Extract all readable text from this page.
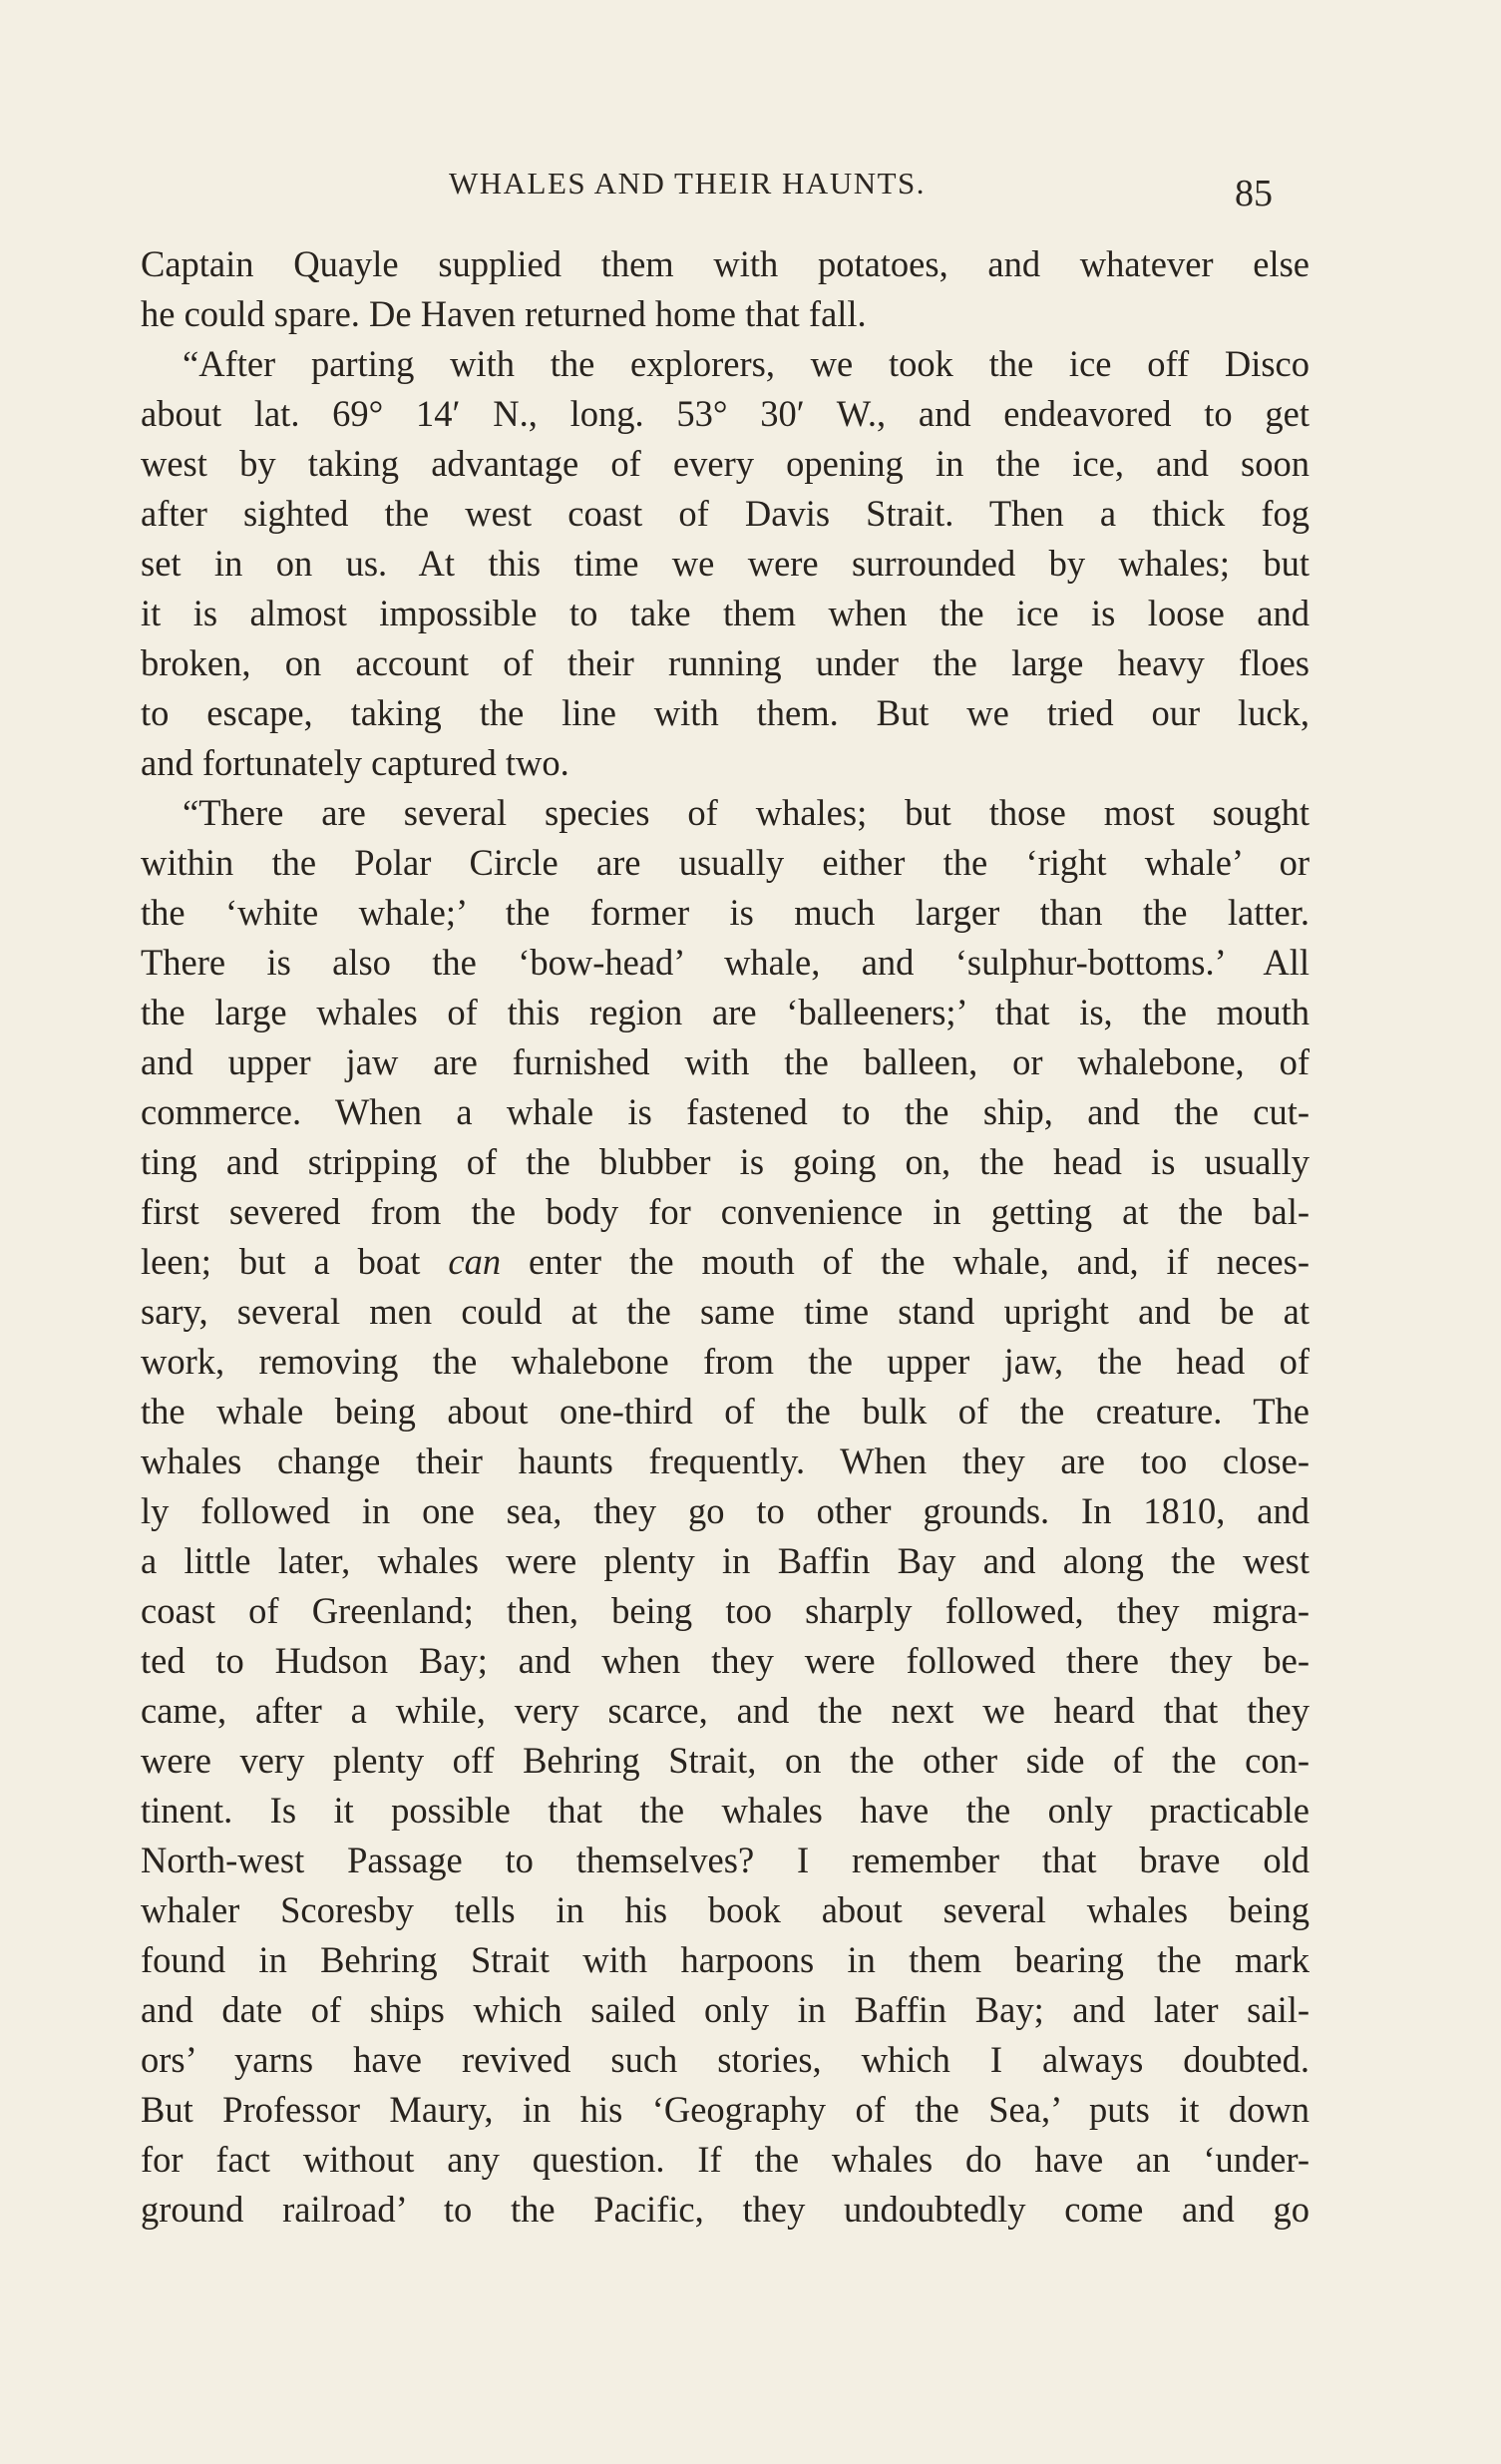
WHALES AND THEIR HAUNTS.	85
Captain Quayle supplied them with potatoes, and whatever else
he could spare. De Haven returned home that fall.
“After parting with the explorers, we took the ice off Disco
about lat. 69° 14′ N., long. 53° 30′ W., and endeavored to get
west by taking advantage of every opening in the ice, and soon
after sighted the west coast of Davis Strait. Then a thick fog
set in on us. At this time we were surrounded by whales; but
it is almost impossible to take them when the ice is loose and
broken, on account of their running under the large heavy floes
to escape, taking the line with them. But we tried our luck,
and fortunately captured two.
“There are several species of whales; but those most sought
within the Polar Circle are usually either the ‘right whale’ or
the ‘white whale;’ the former is much larger than the latter.
There is also the ‘bow-head’ whale, and ‘sulphur-bottoms.’ All
the large whales of this region are ‘balleeners;’ that is, the mouth
and upper jaw are furnished with the balleen, or whalebone, of
commerce. When a whale is fastened to the ship, and the cut-
ting and stripping of the blubber is going on, the head is usually
first severed from the body for convenience in getting at the bal-
leen; but a boat can enter the mouth of the whale, and, if neces-
sary, several men could at the same time stand upright and be at
work, removing the whalebone from the upper jaw, the head of
the whale being about one-third of the bulk of the creature. The
whales change their haunts frequently. When they are too close-
ly followed in one sea, they go to other grounds. In 1810, and
a little later, whales were plenty in Baffin Bay and along the west
coast of Greenland; then, being too sharply followed, they migra-
ted to Hudson Bay; and when they were followed there they be-
came, after a while, very scarce, and the next we heard that they
were very plenty off Behring Strait, on the other side of the con-
tinent. Is it possible that the whales have the only practicable
North-west Passage to themselves? I remember that brave old
whaler Scoresby tells in his book about several whales being
found in Behring Strait with harpoons in them bearing the mark
and date of ships which sailed only in Baffin Bay; and later sail-
ors’ yarns have revived such stories, which I always doubted.
But Professor Maury, in his ‘Geography of the Sea,’ puts it down
for fact without any question. If the whales do have an ‘under-
ground railroad’ to the Pacific, they undoubtedly come and go
